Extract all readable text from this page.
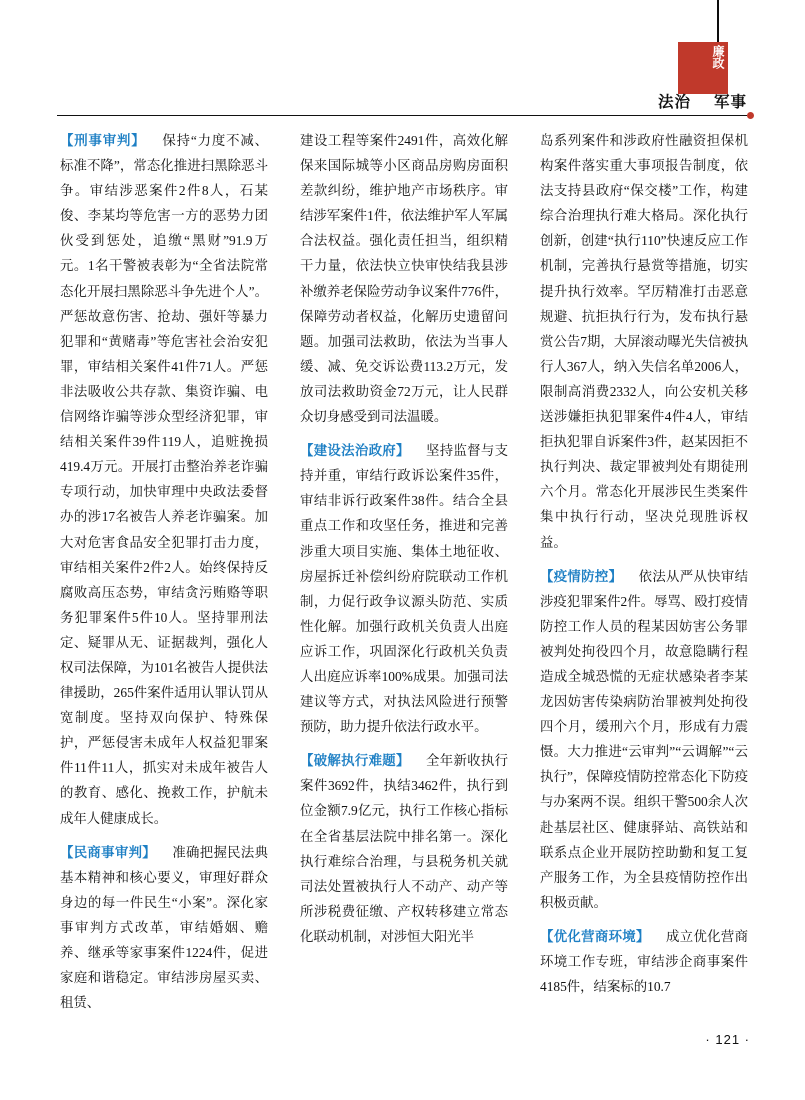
廉政
法治 军事

【刑事审判】 保持“力度不减、标准不降”，常态化推进扫黑除恶斗争。审结涉恶案件2件8人，石某俊、李某均等危害一方的恶势力团伙受到惩处，追缴“黑财”91.9万元。1名干警被表彰为“全省法院常态化开展扫黑除恶斗争先进个人”。严惩故意伤害、抢劫、强奸等暴力犯罪和“黄赌毒”等危害社会治安犯罪，审结相关案件41件71人。严惩非法吸收公共存款、集资诈骗、电信网络诈骗等涉众型经济犯罪，审结相关案件39件119人，追赃挽损419.4万元。开展打击整治养老诈骗专项行动，加快审理中央政法委督办的涉17名被告人养老诈骗案。加大对危害食品安全犯罪打击力度，审结相关案件2件2人。始终保持反腐败高压态势，审结贪污贿赂等职务犯罪案件5件10人。坚持罪刑法定、疑罪从无、证据裁判，强化人权司法保障，为101名被告人提供法律援助，265件案件适用认罪认罚从宽制度。坚持双向保护、特殊保护，严惩侵害未成年人权益犯罪案件11件11人，抓实对未成年被告人的教育、感化、挽救工作，护航未成年人健康成长。

【民商事审判】 准确把握民法典基本精神和核心要义，审理好群众身边的每一件民生“小案”。深化家事审判方式改革，审结婚姻、赡养、继承等家事案件1224件，促进家庭和谐稳定。审结涉房屋买卖、租赁、

建设工程等案件2491件，高效化解保来国际城等小区商品房购房面积差款纠纷，维护地产市场秩序。审结涉军案件1件，依法维护军人军属合法权益。强化责任担当，组织精干力量，依法快立快审快结我县涉补缴养老保险劳动争议案件776件，保障劳动者权益，化解历史遗留问题。加强司法救助，依法为当事人缓、减、免交诉讼费113.2万元，发放司法救助资金72万元，让人民群众切身感受到司法温暖。

【建设法治政府】 坚持监督与支持并重，审结行政诉讼案件35件，审结非诉行政案件38件。结合全县重点工作和攻坚任务，推进和完善涉重大项目实施、集体土地征收、房屋拆迁补偿纠纷府院联动工作机制，力促行政争议源头防范、实质性化解。加强行政机关负责人出庭应诉工作，巩固深化行政机关负责人出庭应诉率100%成果。加强司法建议等方式，对执法风险进行预警预防，助力提升依法行政水平。

【破解执行难题】 全年新收执行案件3692件，执结3462件，执行到位金额7.9亿元，执行工作核心指标在全省基层法院中排名第一。深化执行难综合治理，与县税务机关就司法处置被执行人不动产、动产等所涉税费征缴、产权转移建立常态化联动机制，对涉恒大阳光半

岛系列案件和涉政府性融资担保机构案件落实重大事项报告制度，依法支持县政府“保交楼”工作，构建综合治理执行难大格局。深化执行创新，创建“执行110”快速反应工作机制，完善执行悬赏等措施，切实提升执行效率。罕厉精准打击恶意规避、抗拒执行行为，发布执行悬赏公告7期，大屏滚动曝光失信被执行人367人，纳入失信名单2006人，限制高消费2332人，向公安机关移送涉嫌拒执犯罪案件4件4人，审结拒执犯罪自诉案件3件，赵某因拒不执行判决、裁定罪被判处有期徒刑六个月。常态化开展涉民生类案件集中执行行动，坚决兑现胜诉权益。

【疫情防控】 依法从严从快审结涉疫犯罪案件2件。辱骂、殴打疫情防控工作人员的程某因妨害公务罪被判处拘役四个月，故意隐瞒行程造成全城恐慌的无症状感染者李某龙因妨害传染病防治罪被判处拘役四个月，缓刑六个月，形成有力震慑。大力推进“云审判”“云调解”“云执行”，保障疫情防控常态化下防疫与办案两不误。组织干警500余人次赴基层社区、健康驿站、高铁站和联系点企业开展防控助勤和复工复产服务工作，为全县疫情防控作出积极贡献。

【优化营商环境】 成立优化营商环境工作专班，审结涉企商事案件4185件，结案标的10.7

· 121 ·
